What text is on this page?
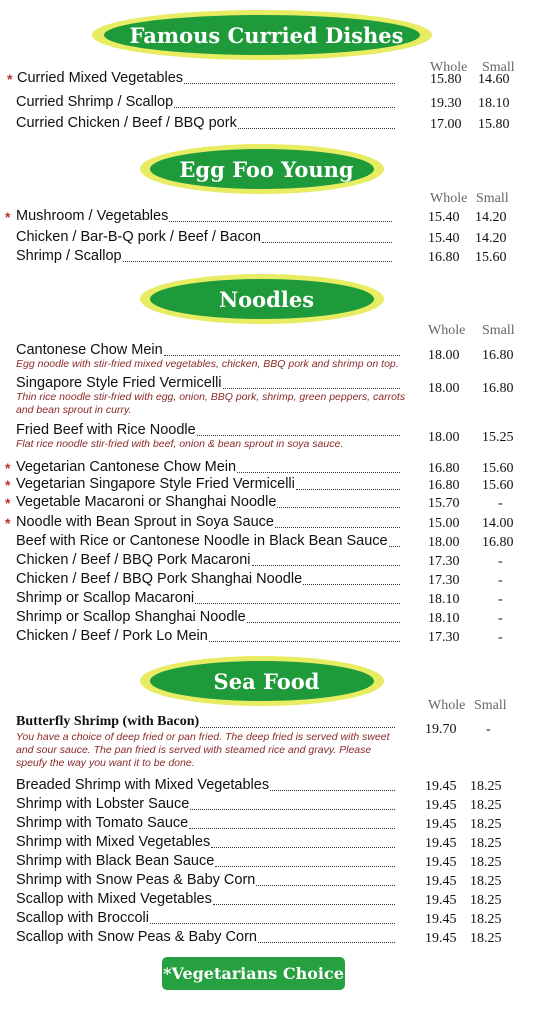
Famous Curried Dishes
Whole Small
* Curried Mixed Vegetables	15.80 14.60
Curried Shrimp / Scallop	19.30 18.10
Curried Chicken / Beef / BBQ pork	17.00 15.80
Egg Foo Young
Whole Small
* Mushroom / Vegetables	15.40 14.20
Chicken / Bar-B-Q pork / Beef / Bacon	15.40 14.20
Shrimp / Scallop	16.80 15.60
Noodles
Whole Small
Cantonese Chow Mein	18.00 16.80
Egg noodle with stir-fried mixed vegetables, chicken, BBQ pork and shrimp on top.
Singapore Style Fried Vermicelli	18.00 16.80
Thin rice noodle stir-fried with egg, onion, BBQ pork, shrimp, green peppers, carrots and bean sprout in curry.
Fried Beef with Rice Noodle	18.00 15.25
Flat rice noodle stir-fried with beef, onion & bean sprout in soya sauce.
* Vegetarian Cantonese Chow Mein	16.80 15.60
* Vegetarian Singapore Style Fried Vermicelli	16.80 15.60
* Vegetable Macaroni or Shanghai Noodle	15.70	-
* Noodle with Bean Sprout in Soya Sauce	15.00 14.00
Beef with Rice or Cantonese Noodle in Black Bean Sauce	18.00 16.80
Chicken / Beef / BBQ Pork Macaroni	17.30	-
Chicken / Beef / BBQ Pork Shanghai Noodle	17.30	-
Shrimp or Scallop Macaroni	18.10	-
Shrimp or Scallop Shanghai Noodle	18.10	-
Chicken / Beef / Pork Lo Mein	17.30	-
Sea Food
Whole Small
Butterfly Shrimp (with Bacon)
19.70 -
You have a choice of deep fried or pan fried. The deep fried is served with sweet and sour sauce. The pan fried is served with steamed rice and gravy. Please speufy the way you want it to be done.
Breaded Shrimp with Mixed Vegetables	19.45 18.25
Shrimp with Lobster Sauce	19.45 18.25
Shrimp with Tomato Sauce	19.45 18.25
Shrimp with Mixed Vegetables	19.45 18.25
Shrimp with Black Bean Sauce	19.45 18.25
Shrimp with Snow Peas & Baby Corn	19.45 18.25
Scallop with Mixed Vegetables	19.45 18.25
Scallop with Broccoli	19.45 18.25
Scallop with Snow Peas & Baby Corn	19.45 18.25
*Vegetarians Choice
